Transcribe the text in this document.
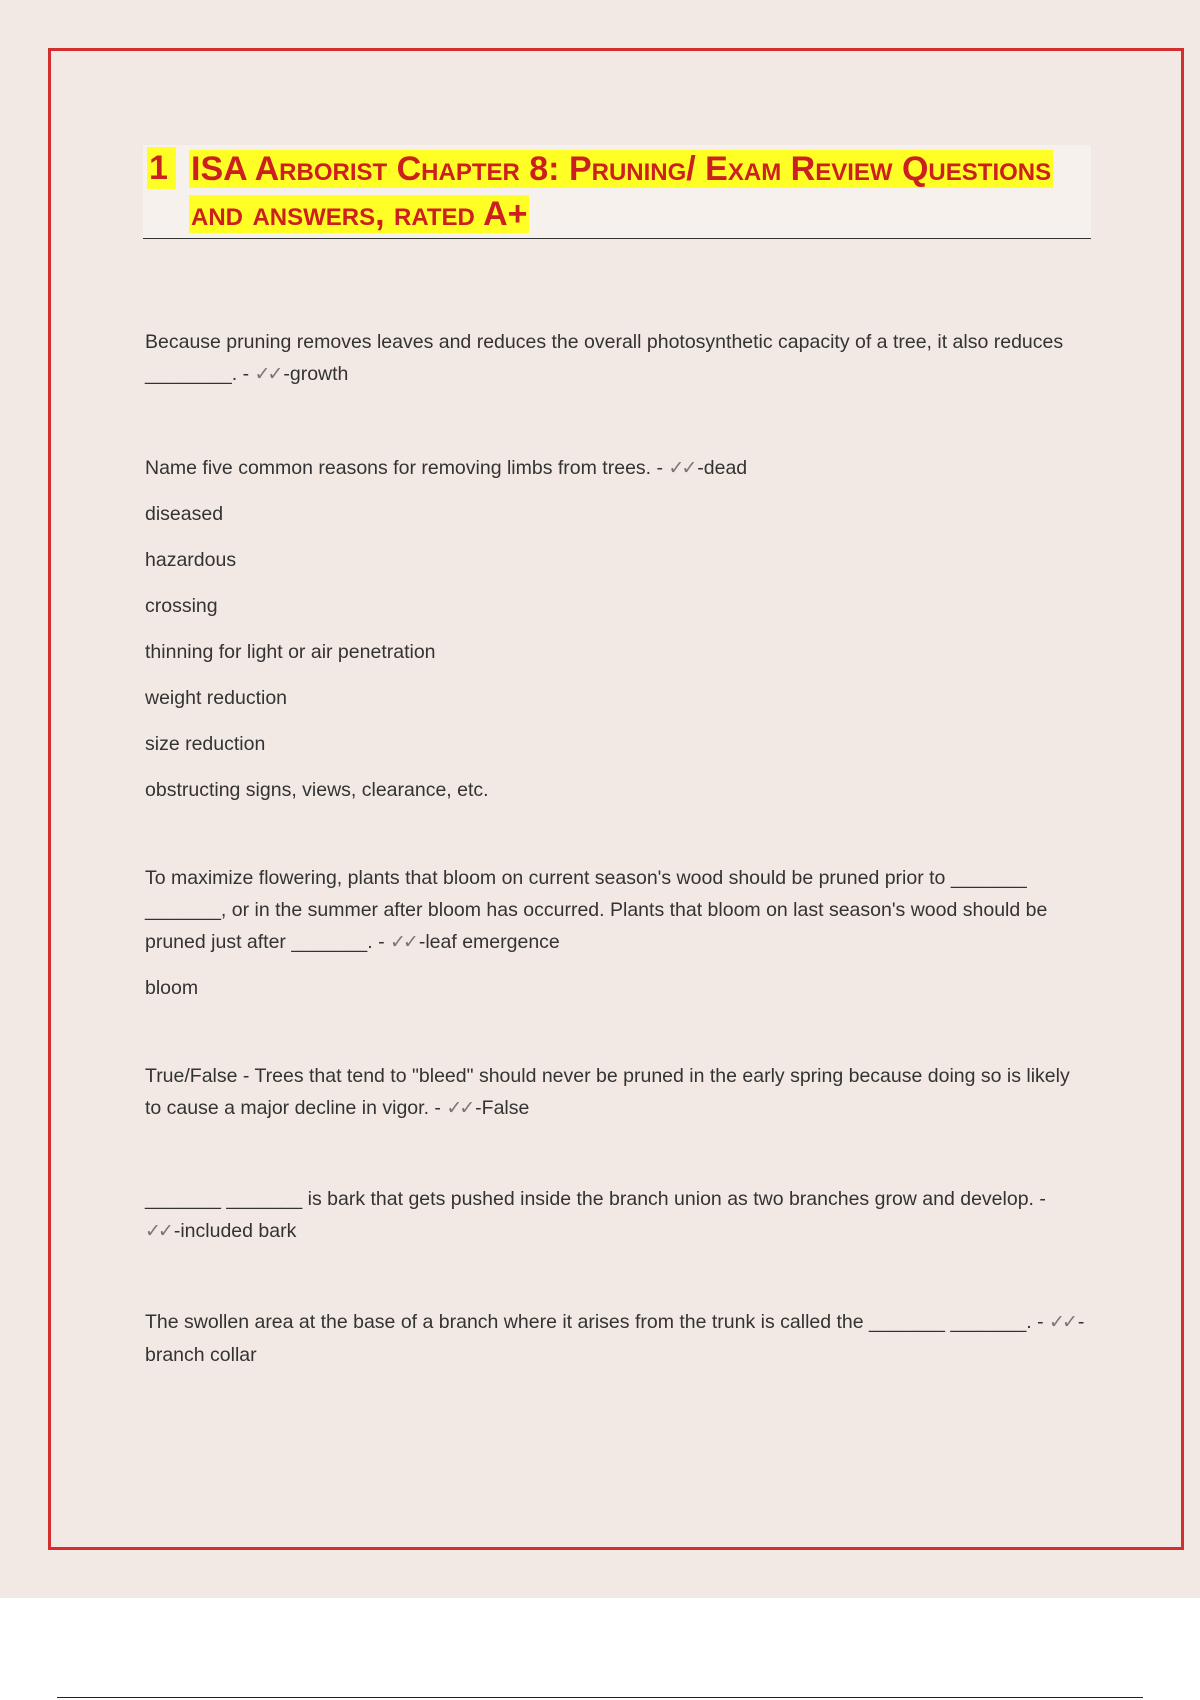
1 ISA Arborist Chapter 8: Pruning/ Exam Review Questions and answers, rated A+

Because pruning removes leaves and reduces the overall photosynthetic capacity of a tree, it also reduces ________. - ✓✓ -growth

Name five common reasons for removing limbs from trees. - ✓✓ -dead

diseased

hazardous

crossing

thinning for light or air penetration

weight reduction

size reduction

obstructing signs, views, clearance, etc.

To maximize flowering, plants that bloom on current season's wood should be pruned prior to _______ _______, or in the summer after bloom has occurred. Plants that bloom on last season's wood should be pruned just after _______. - ✓✓ -leaf emergence

bloom

True/False - Trees that tend to "bleed" should never be pruned in the early spring because doing so is likely to cause a major decline in vigor. - ✓✓ -False

_______ _______ is bark that gets pushed inside the branch union as two branches grow and develop. - ✓✓ -included bark

The swollen area at the base of a branch where it arises from the trunk is called the _______ _______. - ✓✓ -branch collar
